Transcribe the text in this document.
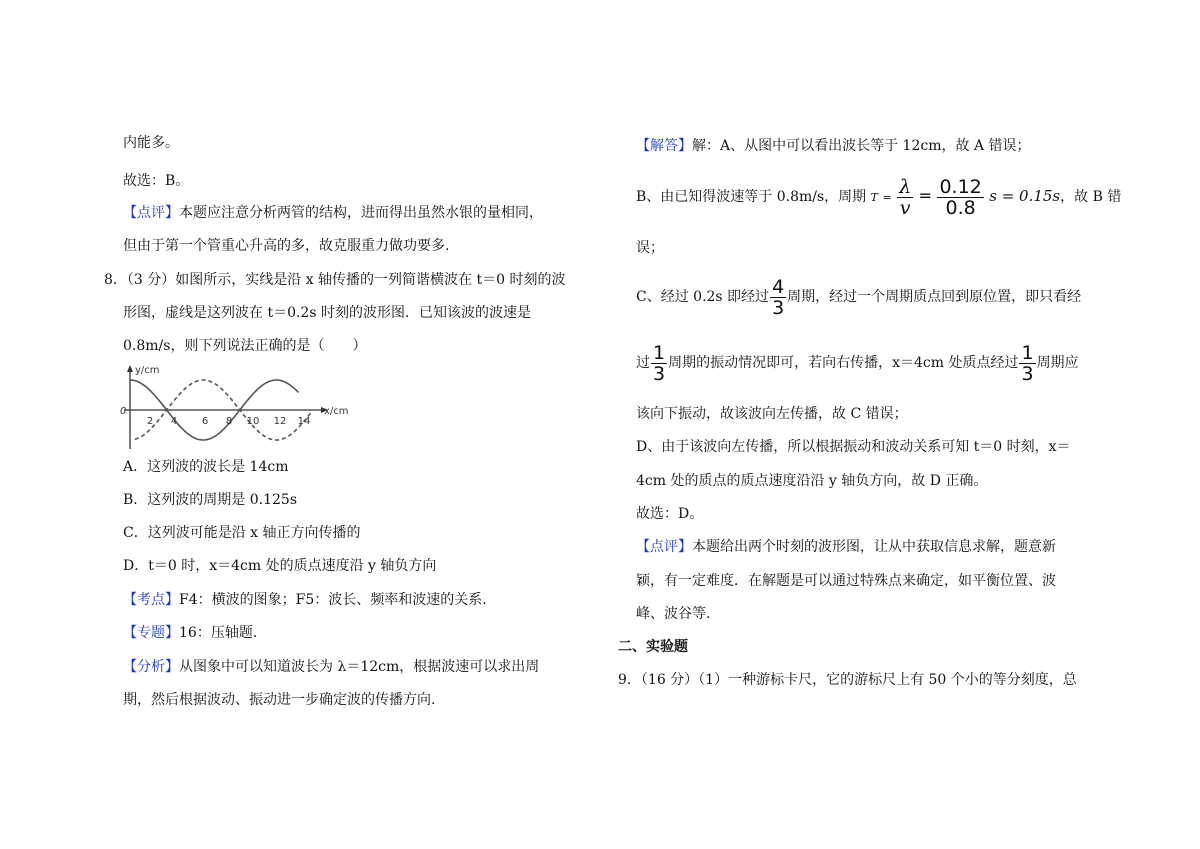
内能多。
故选：B。
【点评】本题应注意分析两管的结构，进而得出虽然水银的量相同，
但由于第一个管重心升高的多，故克服重力做功要多.
8．（3 分）如图所示，实线是沿 x 轴传播的一列简谐横波在 t＝0 时刻的波
形图，虚线是这列波在 t＝0.2s 时刻的波形图．已知该波的波速是
0.8m/s，则下列说法正确的是（　　）
y/cm
x/cm
0
2 4 6 8 10 12 14
A．这列波的波长是 14cm
B．这列波的周期是 0.125s
C．这列波可能是沿 x 轴正方向传播的
D．t＝0 时，x＝4cm 处的质点速度沿 y 轴负方向
【考点】F4：横波的图象；F5：波长、频率和波速的关系.
【专题】16：压轴题.
【分析】从图象中可以知道波长为 λ＝12cm，根据波速可以求出周
期，然后根据波动、振动进一步确定波的传播方向.
【解答】解：A、从图中可以看出波长等于 12cm，故 A 错误；
B、由已知得波速等于 0.8m/s，周期 $T = \frac{\lambda}{v} = \frac{0.12}{0.8}$ s = 0.15s，故 B 错
误；
C、经过 0.2s 即经过 $\frac{4}{3}$ 周期，经过一个周期质点回到原位置，即只看经
过 $\frac{1}{3}$ 周期的振动情况即可，若向右传播，x＝4cm 处质点经过 $\frac{1}{3}$ 周期应
该向下振动，故该波向左传播，故 C 错误；
D、由于该波向左传播，所以根据振动和波动关系可知 t＝0 时刻，x＝
4cm 处的质点的质点速度沿沿 y 轴负方向，故 D 正确。
故选：D。
【点评】本题给出两个时刻的波形图，让从中获取信息求解，题意新
颖，有一定难度．在解题是可以通过特殊点来确定，如平衡位置、波
峰、波谷等.
二、实验题
9．（16 分）（1）一种游标卡尺，它的游标尺上有 50 个小的等分刻度，总
